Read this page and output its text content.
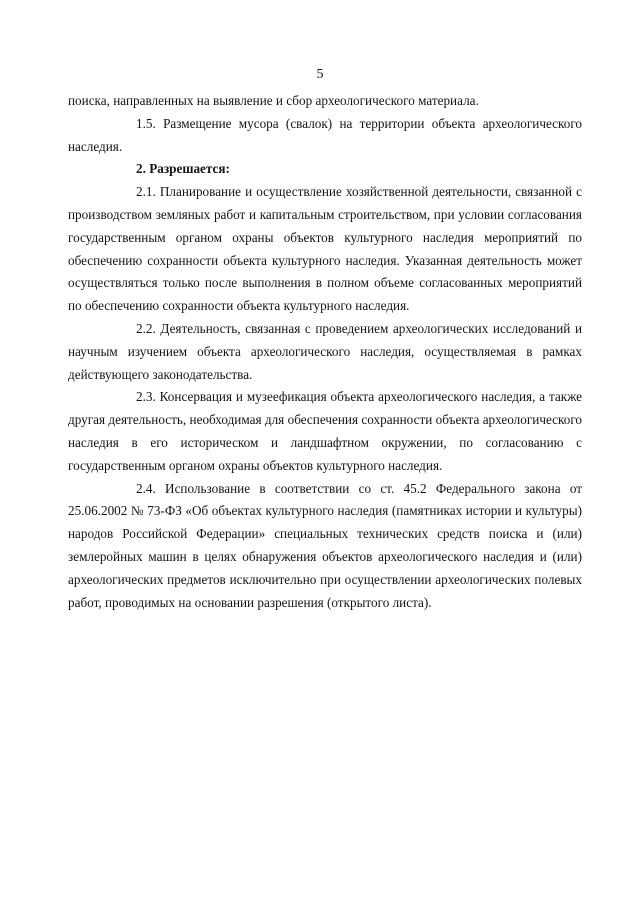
5

поиска, направленных на выявление и сбор археологического материала.

1.5. Размещение мусора (свалок) на территории объекта археологического наследия.

2. Разрешается:

2.1. Планирование и осуществление хозяйственной деятельности, связанной с производством земляных работ и капитальным строительством, при условии согласования государственным органом охраны объектов культурного наследия мероприятий по обеспечению сохранности объекта культурного наследия. Указанная деятельность может осуществляться только после выполнения в полном объеме согласованных мероприятий по обеспечению сохранности объекта культурного наследия.

2.2. Деятельность, связанная с проведением археологических исследований и научным изучением объекта археологического наследия, осуществляемая в рамках действующего законодательства.

2.3. Консервация и музеефикация объекта археологического наследия, а также другая деятельность, необходимая для обеспечения сохранности объекта археологического наследия в его историческом и ландшафтном окружении, по согласованию с государственным органом охраны объектов культурного наследия.

2.4. Использование в соответствии со ст. 45.2 Федерального закона от 25.06.2002 № 73-ФЗ «Об объектах культурного наследия (памятниках истории и культуры) народов Российской Федерации» специальных технических средств поиска и (или) землеройных машин в целях обнаружения объектов археологического наследия и (или) археологических предметов исключительно при осуществлении археологических полевых работ, проводимых на основании разрешения (открытого листа).
